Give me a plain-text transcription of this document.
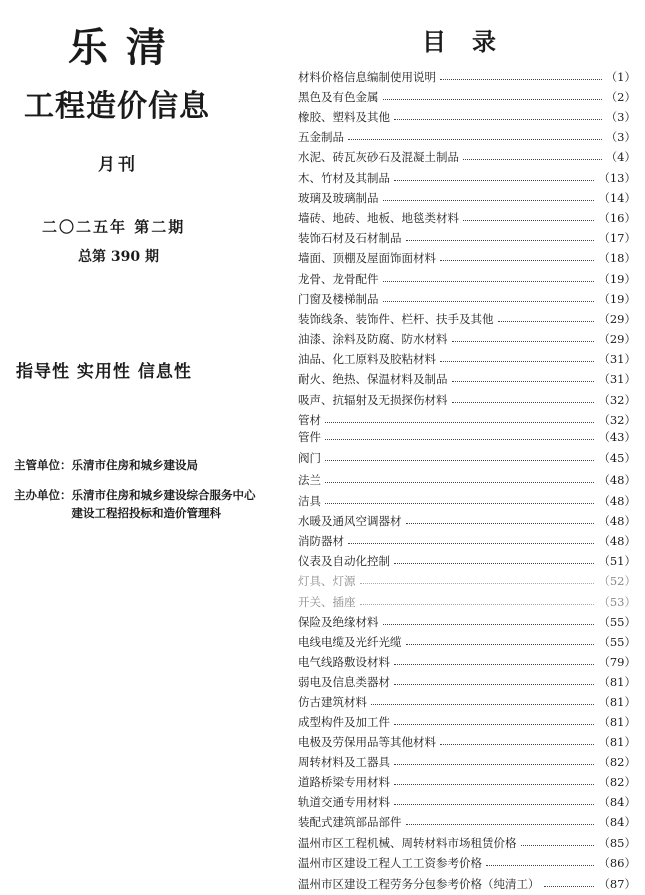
乐清
工程造价信息
月刊
二〇二五年 第二期
总第 390 期
指导性 实用性 信息性
主管单位：乐清市住房和城乡建设局
主办单位：乐清市住房和城乡建设综合服务中心
建设工程招投标和造价管理科
目录
材料价格信息编制使用说明	（1）
黑色及有色金属	（2）
橡胶、塑料及其他	（3）
五金制品	（3）
水泥、砖瓦灰砂石及混凝土制品	（4）
木、竹材及其制品	（13）
玻璃及玻璃制品	（14）
墙砖、地砖、地板、地毯类材料	（16）
装饰石材及石材制品	（17）
墙面、顶棚及屋面饰面材料	（18）
龙骨、龙骨配件	（19）
门窗及楼梯制品	（19）
装饰线条、装饰件、栏杆、扶手及其他	（29）
油漆、涂料及防腐、防水材料	（29）
油品、化工原料及胶粘材料	（31）
耐火、绝热、保温材料及制品	（31）
吸声、抗辐射及无损探伤材料	（32）
管材	（32）
管件	（43）
阀门	（45）
法兰	（48）
洁具	（48）
水暖及通风空调器材	（48）
消防器材	（48）
仪表及自动化控制	（51）
灯具、灯源	（52）
开关、插座	（53）
保险及绝缘材料	（55）
电线电缆及光纤光缆	（55）
电气线路敷设材料	（79）
弱电及信息类器材	（81）
仿古建筑材料	（81）
成型构件及加工件	（81）
电极及劳保用品等其他材料	（81）
周转材料及工器具	（82）
道路桥梁专用材料	（82）
轨道交通专用材料	（84）
装配式建筑部品部件	（84）
温州市区工程机械、周转材料市场租赁价格	（85）
温州市区建设工程人工工资参考价格	（86）
温州市区建设工程劳务分包参考价格（纯清工）	（87）
